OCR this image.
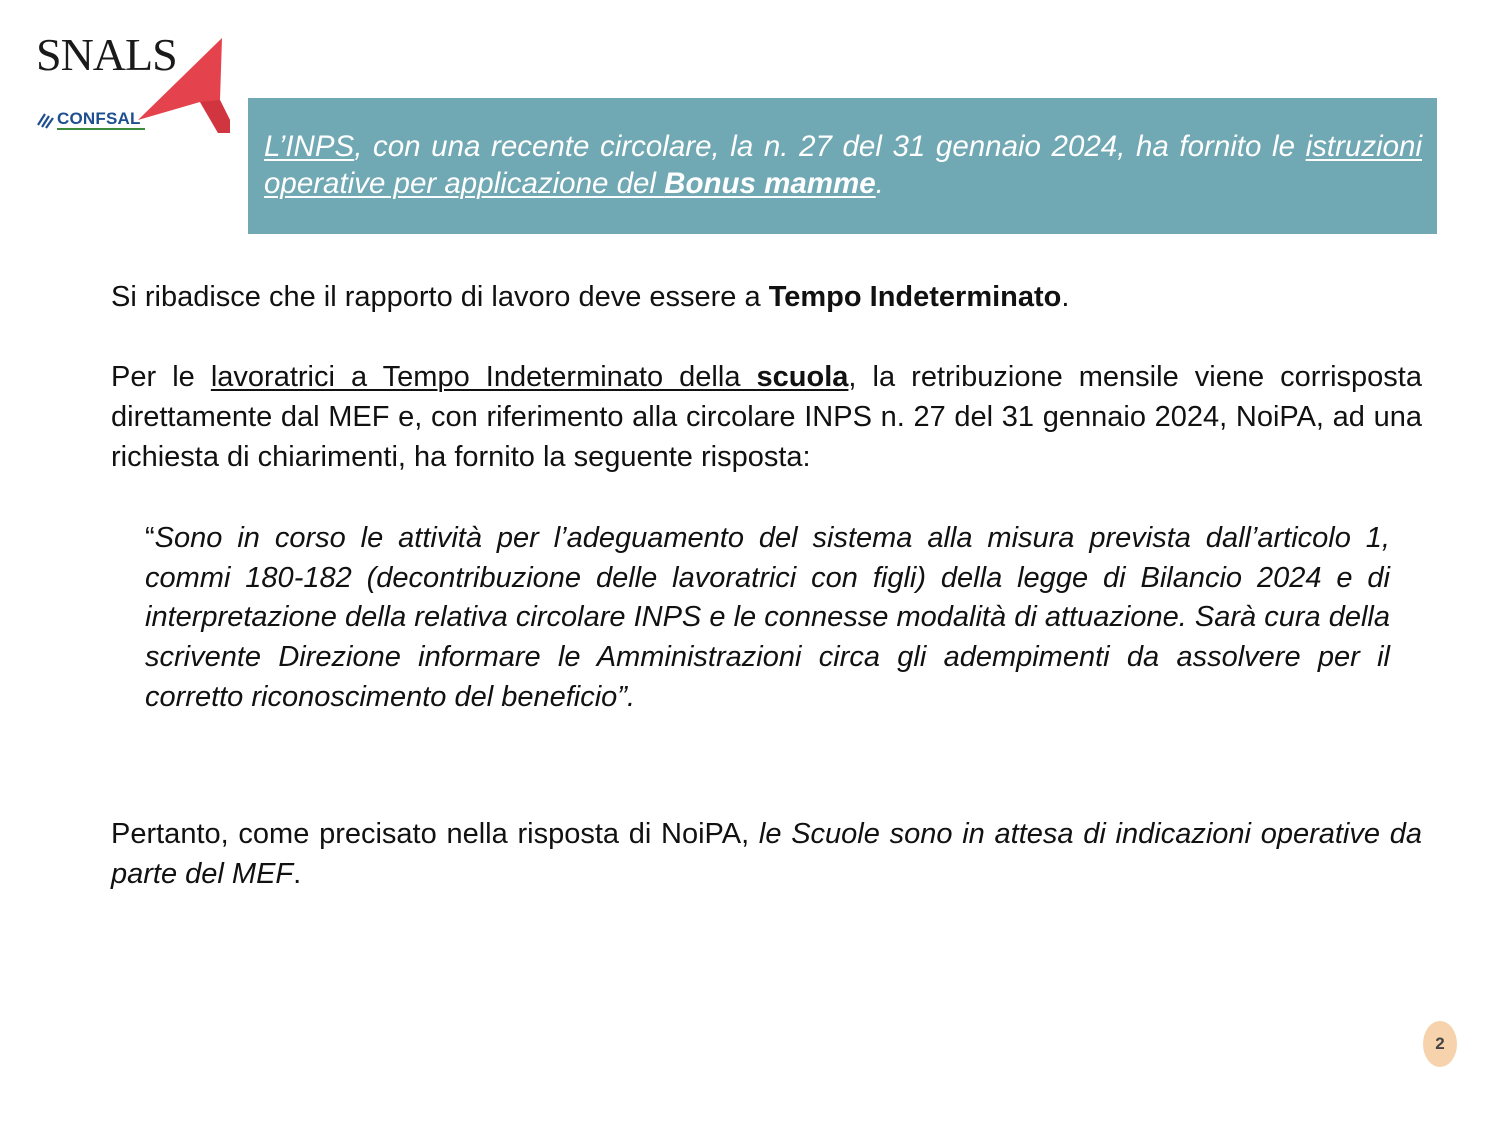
SNALS
CONFSAL
L’INPS, con una recente circolare, la n. 27 del 31 gennaio 2024, ha fornito le istruzioni operative per applicazione del Bonus mamme.
Si ribadisce che il rapporto di lavoro deve essere a Tempo Indeterminato.
Per le lavoratrici a Tempo Indeterminato della scuola, la retribuzione mensile viene corrisposta direttamente dal MEF e, con riferimento alla circolare INPS n. 27 del 31 gennaio 2024, NoiPA, ad una richiesta di chiarimenti, ha fornito la seguente risposta:
“Sono in corso le attività per l’adeguamento del sistema alla misura prevista dall’articolo 1, commi 180-182 (decontribuzione delle lavoratrici con figli) della legge di Bilancio 2024 e di interpretazione della relativa circolare INPS e le connesse modalità di attuazione. Sarà cura della scrivente Direzione informare le Amministrazioni circa gli adempimenti da assolvere per il corretto riconoscimento del beneficio”.
Pertanto, come precisato nella risposta di NoiPA, le Scuole sono in attesa di indicazioni operative da parte del MEF.
2
